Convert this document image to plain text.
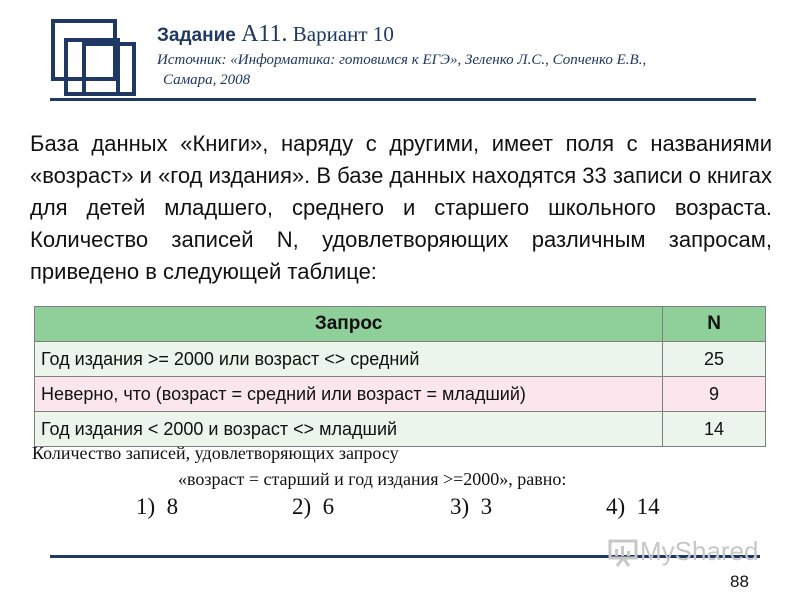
Задание A11. Вариант 10
Источник: «Информатика: готовимся к ЕГЭ», Зеленко Л.С., Сопченко Е.В.,
Самара, 2008
База данных «Книги», наряду с другими, имеет поля с названиями «возраст» и «год издания». В базе данных находятся 33 записи о книгах для детей младшего, среднего и старшего школьного возраста. Количество записей N, удовлетворяющих различным запросам, приведено в следующей таблице:
Запрос	N
Год издания >= 2000 или возраст <> средний	25
Неверно, что (возраст = средний или возраст = младший)	9
Год издания < 2000 и возраст <> младший	14
Количество записей, удовлетворяющих запросу
«возраст = старший и год издания >=2000», равно:
1) 8	2) 6	3) 3	4) 14
MyShared
88
